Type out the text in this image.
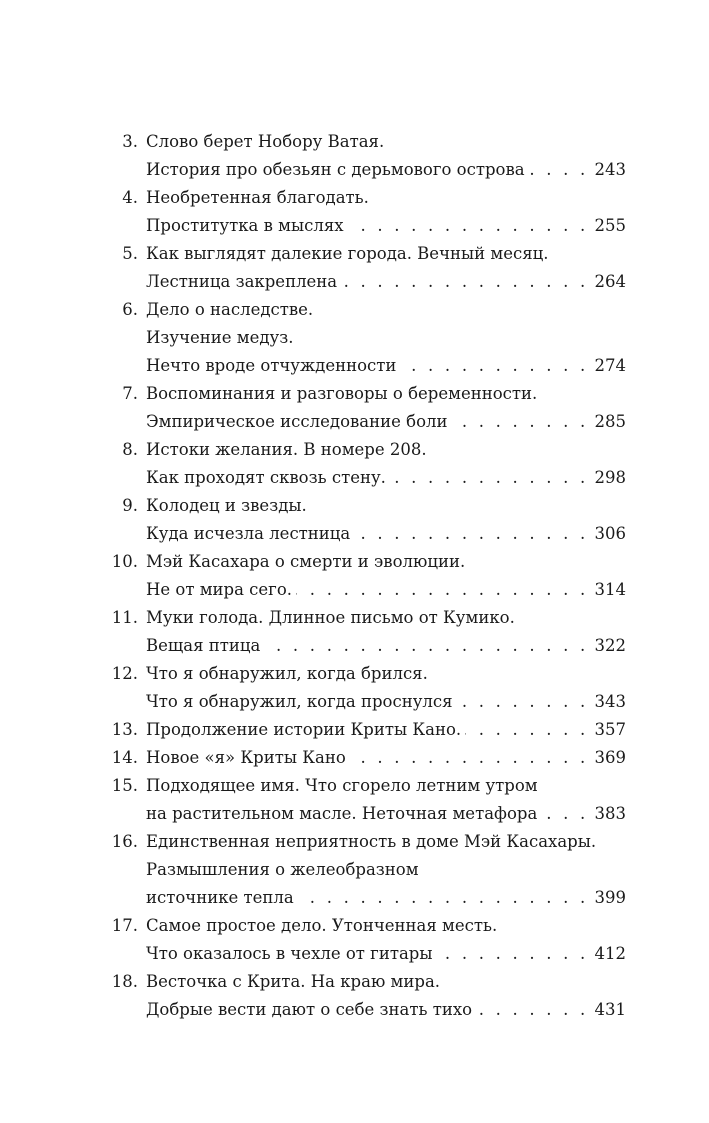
3. Слово берет Нобору Ватая.
История про обезьян с дерьмового острова . . .	243
4. Необретенная благодать.
Проститутка в мыслях . . .	255
5. Как выглядят далекие города. Вечный месяц.
Лестница закреплена . . .	264
6. Дело о наследстве.
Изучение медуз.
Нечто вроде отчужденности . . .	274
7. Воспоминания и разговоры о беременности.
Эмпирическое исследование боли . . .	285
8. Истоки желания. В номере 208.
Как проходят сквозь стену. . . .	298
9. Колодец и звезды.
Куда исчезла лестница . . .	306
10. Мэй Касахара о смерти и эволюции.
Не от мира сего. . . .	314
11. Муки голода. Длинное письмо от Кумико.
Вещая птица . . .	322
12. Что я обнаружил, когда брился.
Что я обнаружил, когда проснулся . . .	343
13. Продолжение истории Криты Кано. . . .	357
14. Новое «я» Криты Кано . . .	369
15. Подходящее имя. Что сгорело летним утром
на растительном масле. Неточная метафора . . .	383
16. Единственная неприятность в доме Мэй Касахары.
Размышления о желеобразном
источнике тепла . . .	399
17. Самое простое дело. Утонченная месть.
Что оказалось в чехле от гитары . . .	412
18. Весточка с Крита. На краю мира.
Добрые вести дают о себе знать тихо . . .	431
